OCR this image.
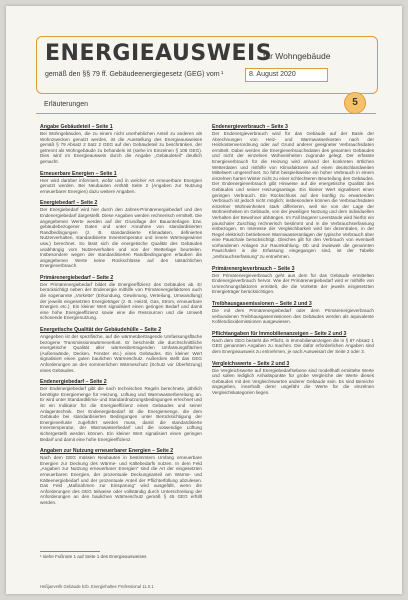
ENERGIEAUSWEIS
für Wohngebäude
gemäß den §§ 79 ff. Gebäudeenergiegesetz (GEG) vom ¹	8. August 2020
Erläuterungen	5
Angabe Gebäudeteil – Seite 1

Bei Wohngebäuden, die zu einem nicht unerheblichen Anteil zu anderen als Wohnzwecken genutzt werden, ist die Ausstellung des Energieausweises gemäß § 79 Absatz 2 Satz 2 GEG auf den Gebäudeteil zu beschränken, der getrennt als Wohngebäude zu behandeln ist (siehe im Einzelnen § 106 GEG). Dies wird im Energieausweis durch die Angabe „Gebäudeteil“ deutlich gemacht.

Erneuerbare Energien – Seite 1

Hier wird darüber informiert, wofür und in welcher Art erneuerbare Energien genutzt werden. Bei Neubauten enthält Seite 2 (Angaben zur Nutzung erneuerbarer Energien) dazu weitere Angaben.

Energiebedarf – Seite 2

Der Energiebedarf wird hier durch den Jahres-Primärenergiebedarf und den Endenergiebedarf dargestellt. Diese Angaben werden rechnerisch ermittelt. Die angegebenen Werte werden auf der Grundlage der Bauunterlagen bzw. gebäudebezogener Daten und unter Annahme von standardisierten Randbedingungen (z. B. standardisierte Klimadaten, definiertes Nutzerverhalten, standardisierte Innentemperatur und innere Wärmegewinne usw.) berechnet. So lässt sich die energetische Qualität des Gebäudes unabhängig vom Nutzerverhalten und von der Wetterlage beurteilen. Insbesondere wegen der standardisierten Randbedingungen erlauben die angegebenen Werte keine Rückschlüsse auf den tatsächlichen Energieverbrauch.

Primärenergiebedarf – Seite 2

Der Primärenergiebedarf bildet die Energieeffizienz des Gebäudes ab. Er berücksichtigt neben der Endenergie mithilfe von Primärenergiefaktoren auch die sogenannte „Vorkette“ (Erkundung, Gewinnung, Verteilung, Umwandlung) der jeweils eingesetzten Energieträger (z. B. Heizöl, Gas, Strom, erneuerbare Energien etc.). Ein kleiner Wert signalisiert einen geringen Bedarf und damit eine hohe Energieeffizienz sowie eine die Ressourcen und die Umwelt schonende Energienutzung.

Energetische Qualität der Gebäudehülle – Seite 2

Angegeben ist der spezifische, auf die wärmeübertragende Umfassungsfläche bezogene Transmissionswärmeverlust. Er beschreibt die durchschnittliche energetische Qualität aller wärmeübertragenden Umfassungsflächen (Außenwände, Decken, Fenster etc.) eines Gebäudes. Ein kleiner Wert signalisiert einen guten baulichen Wärmeschutz. Außerdem stellt das GEG Anforderungen an den sommerlichen Wärmeschutz (Schutz vor Überhitzung) eines Gebäudes.

Endenergiebedarf – Seite 2

Der Endenergiebedarf gibt die nach technischen Regeln berechnete, jährlich benötigte Energiemenge für Heizung, Lüftung und Warmwasserbereitung an. Er wird unter Standardklima- und Standardnutzungsbedingungen errechnet und ist ein Indikator für die Energieeffizienz eines Gebäudes und seiner Anlagentechnik. Der Endenergiebedarf ist die Energiemenge, die dem Gebäude bei standardisierten Bedingungen unter Berücksichtigung der Energieverluste zugeführt werden muss, damit die standardisierte Innentemperatur, der Warmwasserbedarf und die notwendige Lüftung sichergestellt werden können. Ein kleiner Wert signalisiert einen geringen Bedarf und damit eine hohe Energieeffizienz.

Angaben zur Nutzung erneuerbarer Energien – Seite 2

Nach dem GEG müssen Neubauten in bestimmtem Umfang erneuerbare Energien zur Deckung des Wärme- und Kältebedarfs nutzen. In dem Feld „Angaben zur Nutzung erneuerbarer Energien“ sind die Art der eingesetzten erneuerbaren Energien, der prozentuale Deckungsanteil am Wärme- und Kälteenergiebedarf und der prozentuale Anteil der Pflichterfüllung abzulesen. Das Feld „Maßnahmen zur Einsparung“ wird ausgefüllt, wenn die Anforderungen des GEG teilweise oder vollständig durch Unterschreitung der Anforderungen an den baulichen Wärmeschutz gemäß § 45 GEG erfüllt werden.

Endenergieverbrauch – Seite 3

Der Endenergieverbrauch wird für das Gebäude auf der Basis der Abrechnungen von Heiz- und Warmwasserkosten nach der Heizkostenverordnung oder auf Grund anderer geeigneter Verbrauchsdaten ermittelt. Dabei werden die Energieverbrauchsdaten des gesamten Gebäudes und nicht der einzelnen Wohneinheiten zugrunde gelegt. Der erfasste Energieverbrauch für die Heizung wird anhand der konkreten örtlichen Wetterdaten und mithilfe von Klimafaktoren auf einen deutschlandweiten Mittelwert umgerechnet. So führt beispielsweise ein hoher Verbrauch in einem einzelnen harten Winter nicht zu einer schlechteren Beurteilung des Gebäudes. Der Endenergieverbrauch gibt Hinweise auf die energetische Qualität des Gebäudes und seiner Heizungsanlage. Ein kleiner Wert signalisiert einen geringen Verbrauch. Ein Rückschluss auf den künftig zu erwartenden Verbrauch ist jedoch nicht möglich; insbesondere können die Verbrauchsdaten einzelner Wohneinheiten stark differieren, weil sie von der Lage der Wohneinheiten im Gebäude, von der jeweiligen Nutzung und dem individuellen Verhalten der Bewohner abhängen. Im Fall längerer Leerstände wird hierfür ein pauschaler Zuschlag rechnerisch bestimmt und in die Verbrauchserfassung einbezogen. Im Interesse der Vergleichbarkeit wird bei dezentralen, in der Regel elektrisch betriebenen Warmwasseranlagen der typische Verbrauch über eine Pauschale berücksichtigt. Gleiches gilt für den Verbrauch von eventuell vorhandenen Anlagen zur Raumkühlung. Ob und inwieweit die genannten Pauschalen in die Erfassung eingegangen sind, ist der Tabelle „Verbrauchserfassung“ zu entnehmen.

Primärenergieverbrauch – Seite 3

Der Primärenergieverbrauch geht aus dem für das Gebäude ermittelten Endenergieverbrauch hervor. Wie der Primärenergiebedarf wird er mithilfe von Umrechnungsfaktoren ermittelt, die die Vorkette der jeweils eingesetzten Energieträger berücksichtigen.

Treibhausgasemissionen – Seite 2 und 3

Die mit dem Primärenergiebedarf oder dem Primärenergieverbrauch verbundenen Treibhausgasemissionen des Gebäudes werden als äquivalente Kohlendioxidemissionen ausgewiesen.

Pflichtangaben für Immobilienanzeigen – Seite 2 und 3

Nach dem GEG besteht die Pflicht, in Immobilienanzeigen die in § 87 Absatz 1 GEG genannten Angaben zu machen. Die dafür erforderlichen Angaben sind dem Energieausweis zu entnehmen, je nach Ausweisart der Seite 2 oder 3.

Vergleichswerte – Seite 2 und 3

Die Vergleichswerte auf Energiebedarfsebene sind modellhaft ermittelte Werte und sollen lediglich Anhaltspunkte für grobe Vergleiche der Werte dieses Gebäudes mit den Vergleichswerten anderer Gebäude sein. Es sind Bereiche angegeben, innerhalb derer ungefähr die Werte für die einzelnen Vergleichskategorien liegen.

¹ siehe Fußnote 1 auf Seite 1 des Energieausweises
Heßjaeverlk Gebäude bzb. Energiehaltee Professional 11.0.1
